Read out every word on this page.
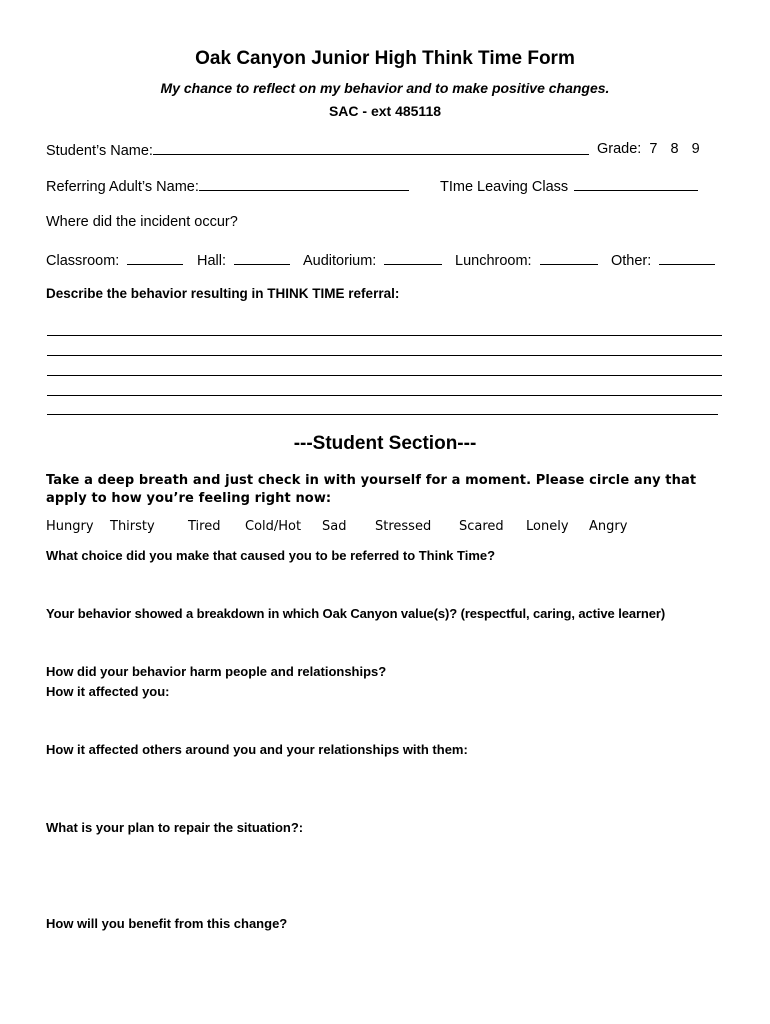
Oak Canyon Junior High Think Time Form
My chance to reflect on my behavior and to make positive changes.
SAC - ext 485118
Student’s Name:	Grade: 7 8 9
Referring Adult’s Name:	TIme Leaving Class
Where did the incident occur?
Classroom:	Hall:	Auditorium:	Lunchroom:	Other:
Describe the behavior resulting in THINK TIME referral:
---Student Section---
Take a deep breath and just check in with yourself for a moment. Please circle any that
apply to how you’re feeling right now:
Hungry Thirsty	Tired Cold/Hot Sad Stressed Scared Lonely Angry
What choice did you make that caused you to be referred to Think Time?
Your behavior showed a breakdown in which Oak Canyon value(s)? (respectful, caring, active learner)
How did your behavior harm people and relationships?
How it affected you:
How it affected others around you and your relationships with them:
What is your plan to repair the situation?:
How will you benefit from this change?
